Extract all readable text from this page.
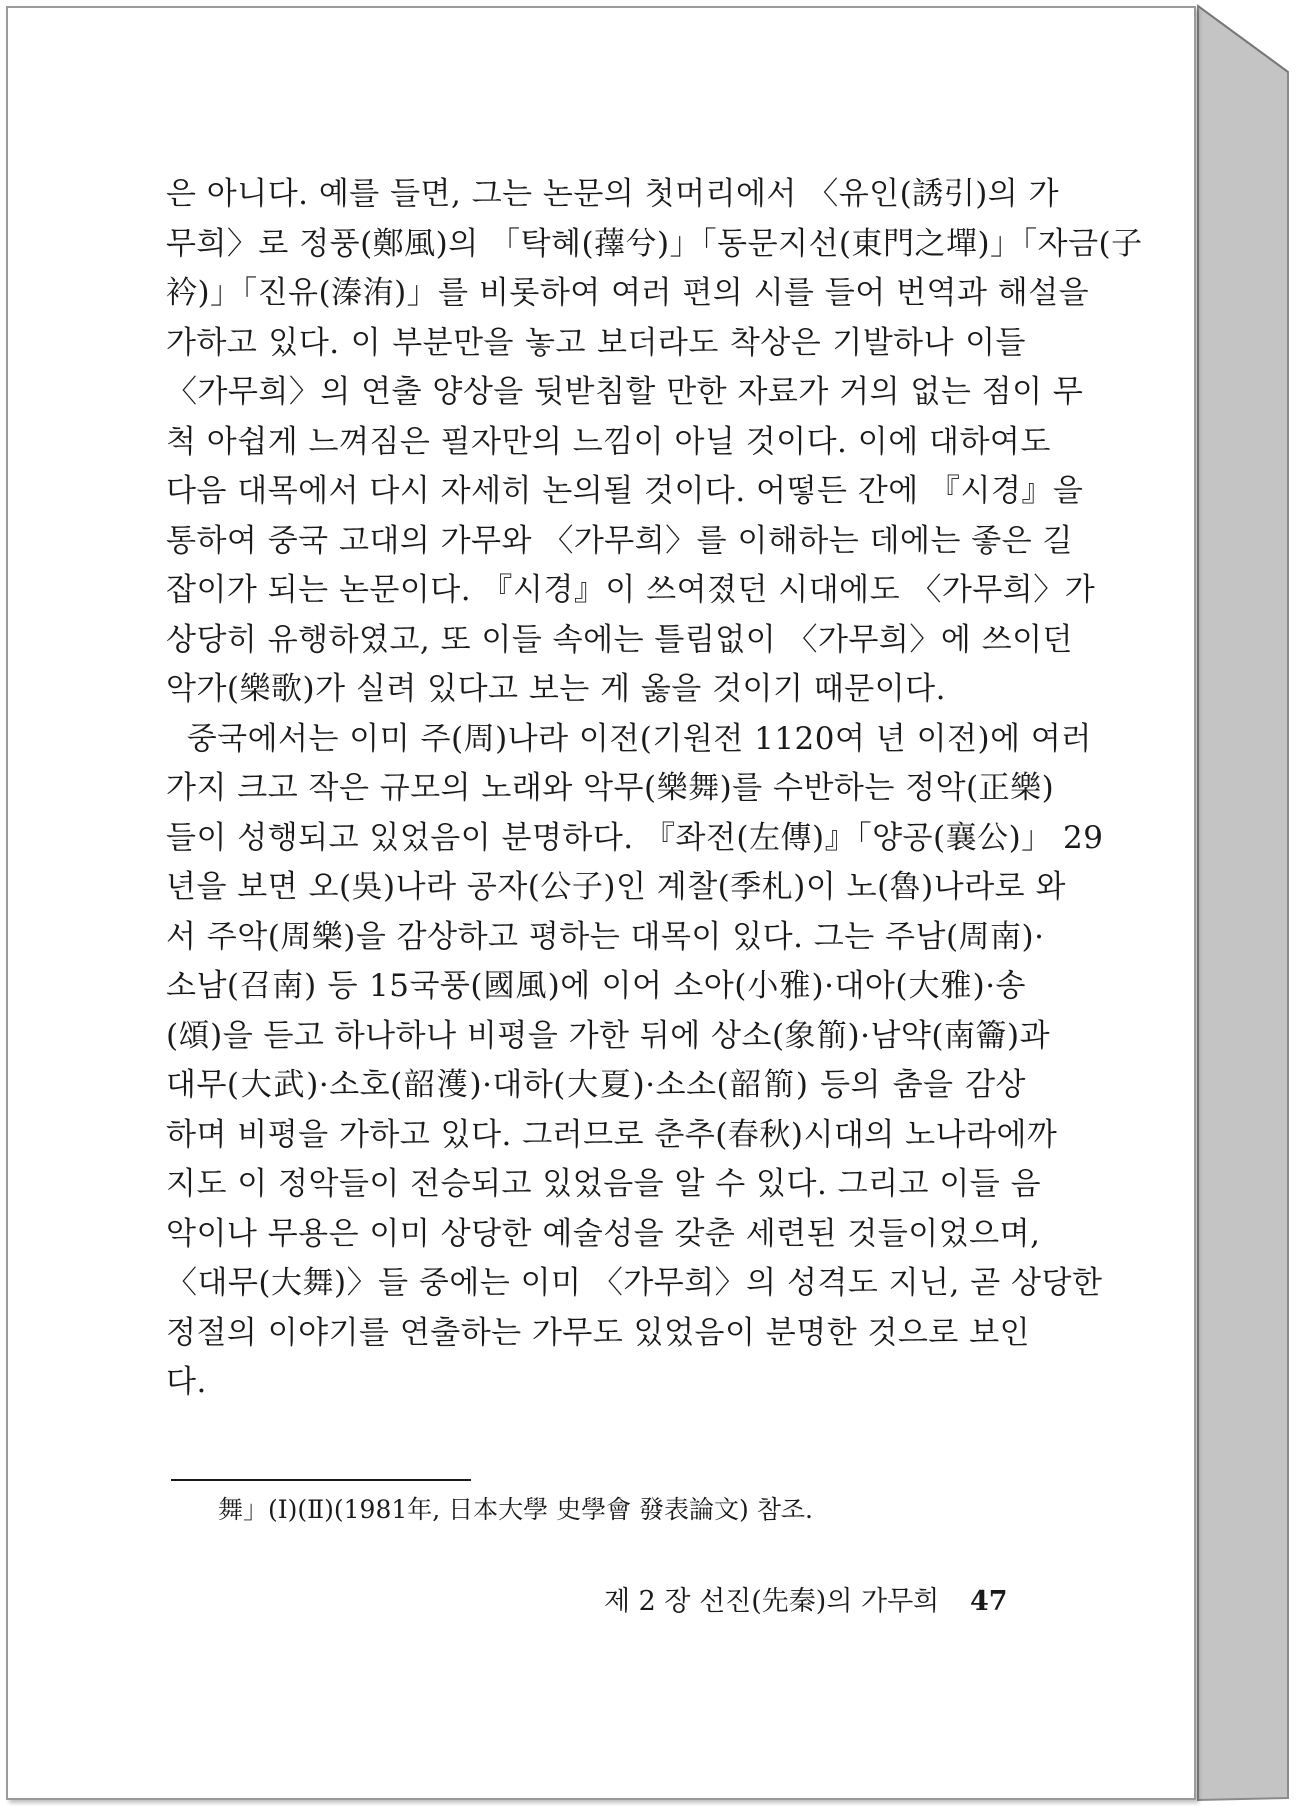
은 아니다. 예를 들면, 그는 논문의 첫머리에서 〈유인(誘引)의 가
무희〉로 정풍(鄭風)의 「탁혜(蘀兮)」「동문지선(東門之墠)」「자금(子
衿)」「진유(溱洧)」를 비롯하여 여러 편의 시를 들어 번역과 해설을
가하고 있다. 이 부분만을 놓고 보더라도 착상은 기발하나 이들
〈가무희〉의 연출 양상을 뒷받침할 만한 자료가 거의 없는 점이 무
척 아쉽게 느껴짐은 필자만의 느낌이 아닐 것이다. 이에 대하여도
다음 대목에서 다시 자세히 논의될 것이다. 어떻든 간에 『시경』을
통하여 중국 고대의 가무와 〈가무희〉를 이해하는 데에는 좋은 길
잡이가 되는 논문이다. 『시경』이 쓰여졌던 시대에도 〈가무희〉가
상당히 유행하였고, 또 이들 속에는 틀림없이 〈가무희〉에 쓰이던
악가(樂歌)가 실려 있다고 보는 게 옳을 것이기 때문이다.
중국에서는 이미 주(周)나라 이전(기원전 1120여 년 이전)에 여러
가지 크고 작은 규모의 노래와 악무(樂舞)를 수반하는 정악(正樂)
들이 성행되고 있었음이 분명하다. 『좌전(左傳)』「양공(襄公)」 29
년을 보면 오(吳)나라 공자(公子)인 계찰(季札)이 노(魯)나라로 와
서 주악(周樂)을 감상하고 평하는 대목이 있다. 그는 주남(周南)·
소남(召南) 등 15국풍(國風)에 이어 소아(小雅)·대아(大雅)·송
(頌)을 듣고 하나하나 비평을 가한 뒤에 상소(象箾)·남약(南籥)과
대무(大武)·소호(韶濩)·대하(大夏)·소소(韶箾) 등의 춤을 감상
하며 비평을 가하고 있다. 그러므로 춘추(春秋)시대의 노나라에까
지도 이 정악들이 전승되고 있었음을 알 수 있다. 그리고 이들 음
악이나 무용은 이미 상당한 예술성을 갖춘 세련된 것들이었으며,
〈대무(大舞)〉들 중에는 이미 〈가무희〉의 성격도 지닌, 곧 상당한
정절의 이야기를 연출하는 가무도 있었음이 분명한 것으로 보인
다.
舞」(Ⅰ)(Ⅱ)(1981年, 日本大學 史學會 發表論文) 참조.
제 2 장 선진(先秦)의 가무희 47
